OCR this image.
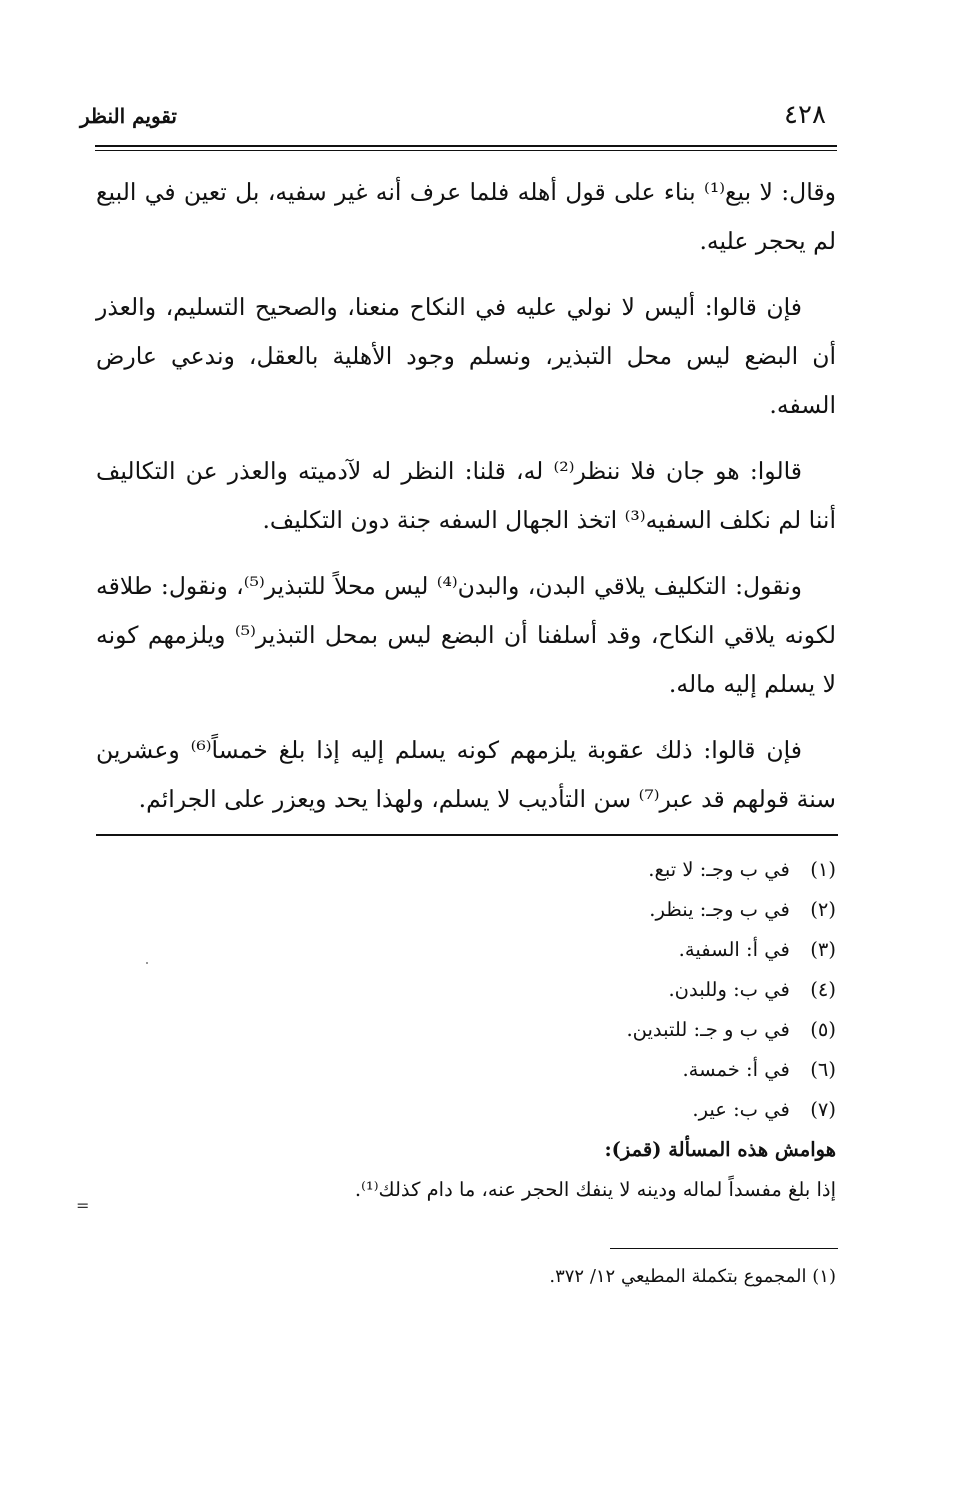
٤٢٨
تقويم النظر

وقال: لا بيع⁽¹⁾ بناء على قول أهله فلما عرف أنه غير سفيه، بل تعين في البيع لم يحجر عليه.

فإن قالوا: أليس لا نولي عليه في النكاح منعنا، والصحيح التسليم، والعذر أن البضع ليس محل التبذير، ونسلم وجود الأهلية بالعقل، وندعي عارض السفه.

قالوا: هو جان فلا ننظر⁽²⁾ له، قلنا: النظر له لآدميته والعذر عن التكاليف أننا لم نكلف السفيه⁽³⁾ اتخذ الجهال السفه جنة دون التكليف.

ونقول: التكليف يلاقي البدن، والبدن⁽⁴⁾ ليس محلاً للتبذير⁽⁵⁾، ونقول: طلاقه لكونه يلاقي النكاح، وقد أسلفنا أن البضع ليس بمحل التبذير⁽⁵⁾ ويلزمهم كونه لا يسلم إليه ماله.

فإن قالوا: ذلك عقوبة يلزمهم كونه يسلم إليه إذا بلغ خمساً⁽⁶⁾ وعشرين سنة قولهم قد عبر⁽⁷⁾ سن التأديب لا يسلم، ولهذا يحد ويعزر على الجرائم.

(١) في ب وجـ: لا تبع.

(٢) في ب وجـ: ينظر.

(٣) في أ: السفية.

(٤) في ب: وللبدن.

(٥) في ب و جـ: للتبدين.

(٦) في أ: خمسة.

(٧) في ب: عير.

هوامش هذه المسألة (قمز):

إذا بلغ مفسداً لماله ودينه لا ينفك الحجر عنه، ما دام كذلك⁽¹⁾.

=
(١) المجموع بتكملة المطيعي ١٢/ ٣٧٢.
